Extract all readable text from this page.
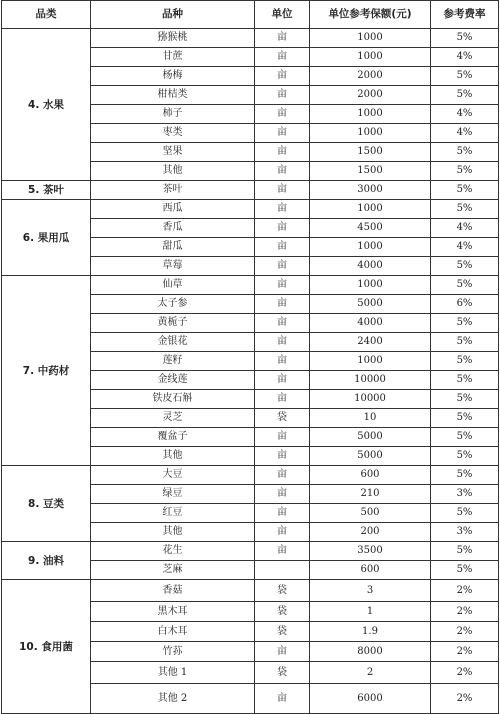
品类	品种	单位	单位参考保额(元)	参考费率
4. 水果	猕猴桃	亩	1000	5%
	甘蔗	亩	1000	4%
	杨梅	亩	2000	5%
	柑桔类	亩	2000	5%
	柿子	亩	1000	4%
	枣类	亩	1000	4%
	坚果	亩	1500	5%
	其他	亩	1500	5%
5. 茶叶	茶叶	亩	3000	5%
6. 果用瓜	西瓜	亩	1000	5%
	香瓜	亩	4500	4%
	甜瓜	亩	1000	4%
	草莓	亩	4000	5%
7. 中药材	仙草	亩	1000	5%
	太子参	亩	5000	6%
	黄栀子	亩	4000	5%
	金银花	亩	2400	5%
	莲籽	亩	1000	5%
	金线莲	亩	10000	5%
	铁皮石斛	亩	10000	5%
	灵芝	袋	10	5%
	覆盆子	亩	5000	5%
	其他	亩	5000	5%
8. 豆类	大豆	亩	600	5%
	绿豆	亩	210	3%
	红豆	亩	500	5%
	其他	亩	200	3%
9. 油料	花生	亩	3500	5%
	芝麻		600	5%
10. 食用菌	香菇	袋	3	2%
	黑木耳	袋	1	2%
	白木耳	袋	1.9	2%
	竹荪	亩	8000	2%
	其他 1	袋	2	2%
	其他 2	亩	6000	2%
